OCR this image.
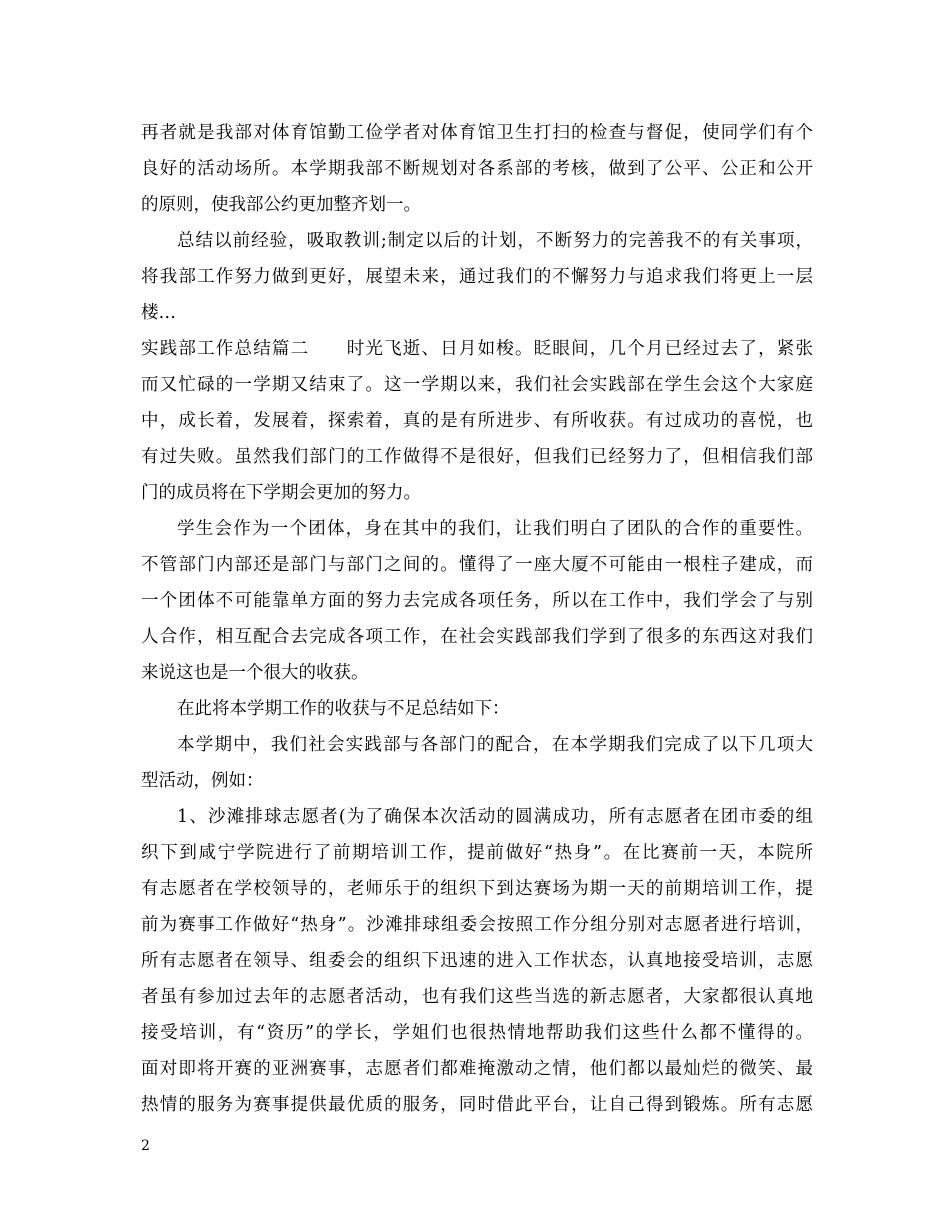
再者就是我部对体育馆勤工俭学者对体育馆卫生打扫的检查与督促，使同学们有个
良好的活动场所。本学期我部不断规划对各系部的考核，做到了公平、公正和公开
的原则，使我部公约更加整齐划一。
总结以前经验，吸取教训;制定以后的计划，不断努力的完善我不的有关事项，
将我部工作努力做到更好，展望未来，通过我们的不懈努力与追求我们将更上一层
楼…
实践部工作总结篇二　　时光飞逝、日月如梭。眨眼间，几个月已经过去了，紧张
而又忙碌的一学期又结束了。这一学期以来，我们社会实践部在学生会这个大家庭
中，成长着，发展着，探索着，真的是有所进步、有所收获。有过成功的喜悦，也
有过失败。虽然我们部门的工作做得不是很好，但我们已经努力了，但相信我们部
门的成员将在下学期会更加的努力。
学生会作为一个团体，身在其中的我们，让我们明白了团队的合作的重要性。
不管部门内部还是部门与部门之间的。懂得了一座大厦不可能由一根柱子建成，而
一个团体不可能靠单方面的努力去完成各项任务，所以在工作中，我们学会了与别
人合作，相互配合去完成各项工作，在社会实践部我们学到了很多的东西这对我们
来说这也是一个很大的收获。
在此将本学期工作的收获与不足总结如下：
本学期中，我们社会实践部与各部门的配合，在本学期我们完成了以下几项大
型活动，例如：
1、沙滩排球志愿者(为了确保本次活动的圆满成功，所有志愿者在团市委的组
织下到咸宁学院进行了前期培训工作，提前做好“热身”。在比赛前一天，本院所
有志愿者在学校领导的，老师乐于的组织下到达赛场为期一天的前期培训工作，提
前为赛事工作做好“热身”。沙滩排球组委会按照工作分组分别对志愿者进行培训，
所有志愿者在领导、组委会的组织下迅速的进入工作状态，认真地接受培训，志愿
者虽有参加过去年的志愿者活动，也有我们这些当选的新志愿者，大家都很认真地
接受培训，有“资历”的学长，学姐们也很热情地帮助我们这些什么都不懂得的。
面对即将开赛的亚洲赛事，志愿者们都难掩激动之情，他们都以最灿烂的微笑、最
热情的服务为赛事提供最优质的服务，同时借此平台，让自己得到锻炼。所有志愿
2
